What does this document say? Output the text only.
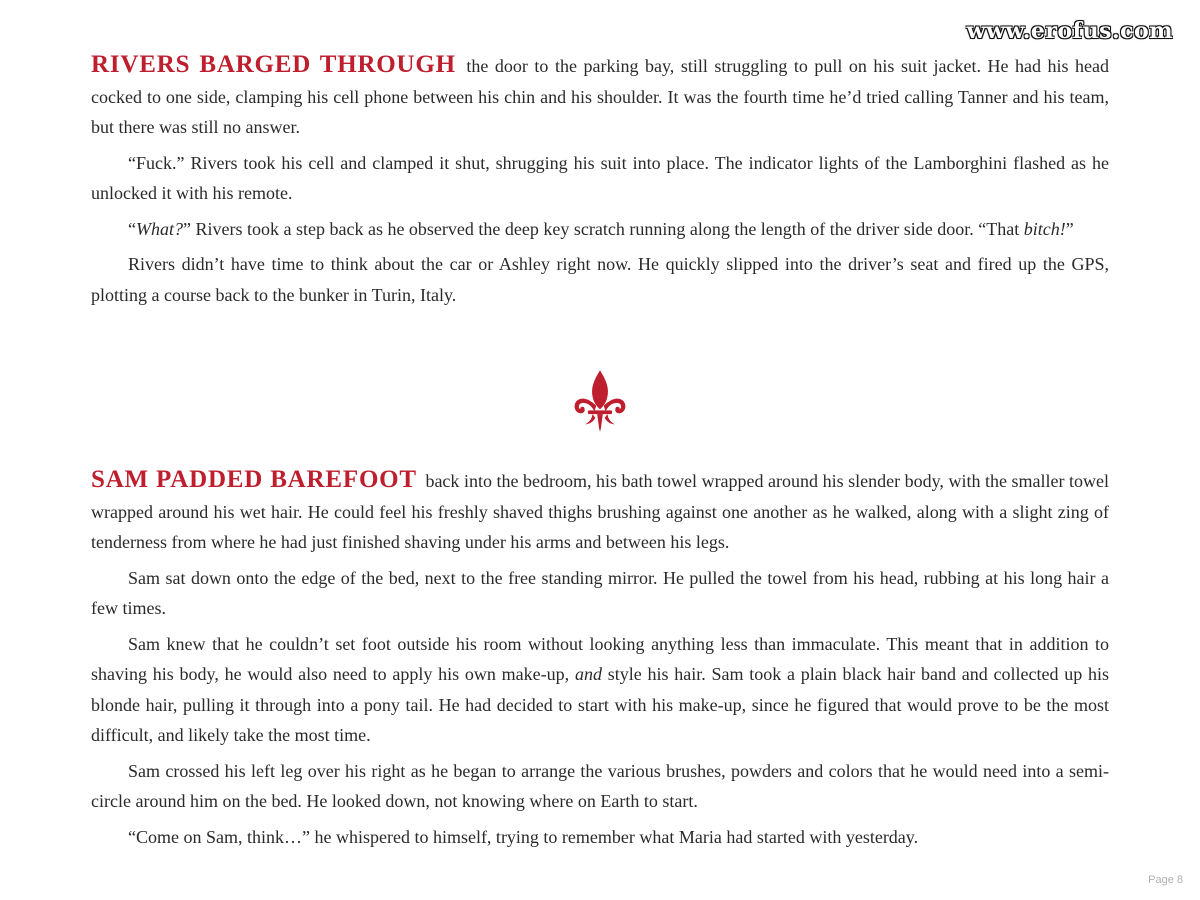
www.erofus.com

RIVERS BARGED THROUGH the door to the parking bay, still struggling to pull on his suit jacket. He had his head cocked to one side, clamping his cell phone between his chin and his shoulder. It was the fourth time he’d tried calling Tanner and his team, but there was still no answer.

“Fuck.” Rivers took his cell and clamped it shut, shrugging his suit into place. The indicator lights of the Lamborghini flashed as he unlocked it with his remote.

“What?” Rivers took a step back as he observed the deep key scratch running along the length of the driver side door. “That bitch!”

Rivers didn’t have time to think about the car or Ashley right now. He quickly slipped into the driver’s seat and fired up the GPS, plotting a course back to the bunker in Turin, Italy.

SAM PADDED BAREFOOT back into the bedroom, his bath towel wrapped around his slender body, with the smaller towel wrapped around his wet hair. He could feel his freshly shaved thighs brushing against one another as he walked, along with a slight zing of tenderness from where he had just finished shaving under his arms and between his legs.

Sam sat down onto the edge of the bed, next to the free standing mirror. He pulled the towel from his head, rubbing at his long hair a few times.

Sam knew that he couldn’t set foot outside his room without looking anything less than immaculate. This meant that in addition to shaving his body, he would also need to apply his own make-up, and style his hair. Sam took a plain black hair band and collected up his blonde hair, pulling it through into a pony tail. He had decided to start with his make-up, since he figured that would prove to be the most difficult, and likely take the most time.

Sam crossed his left leg over his right as he began to arrange the various brushes, powders and colors that he would need into a semi-circle around him on the bed. He looked down, not knowing where on Earth to start.

“Come on Sam, think…” he whispered to himself, trying to remember what Maria had started with yesterday.

Page 8
